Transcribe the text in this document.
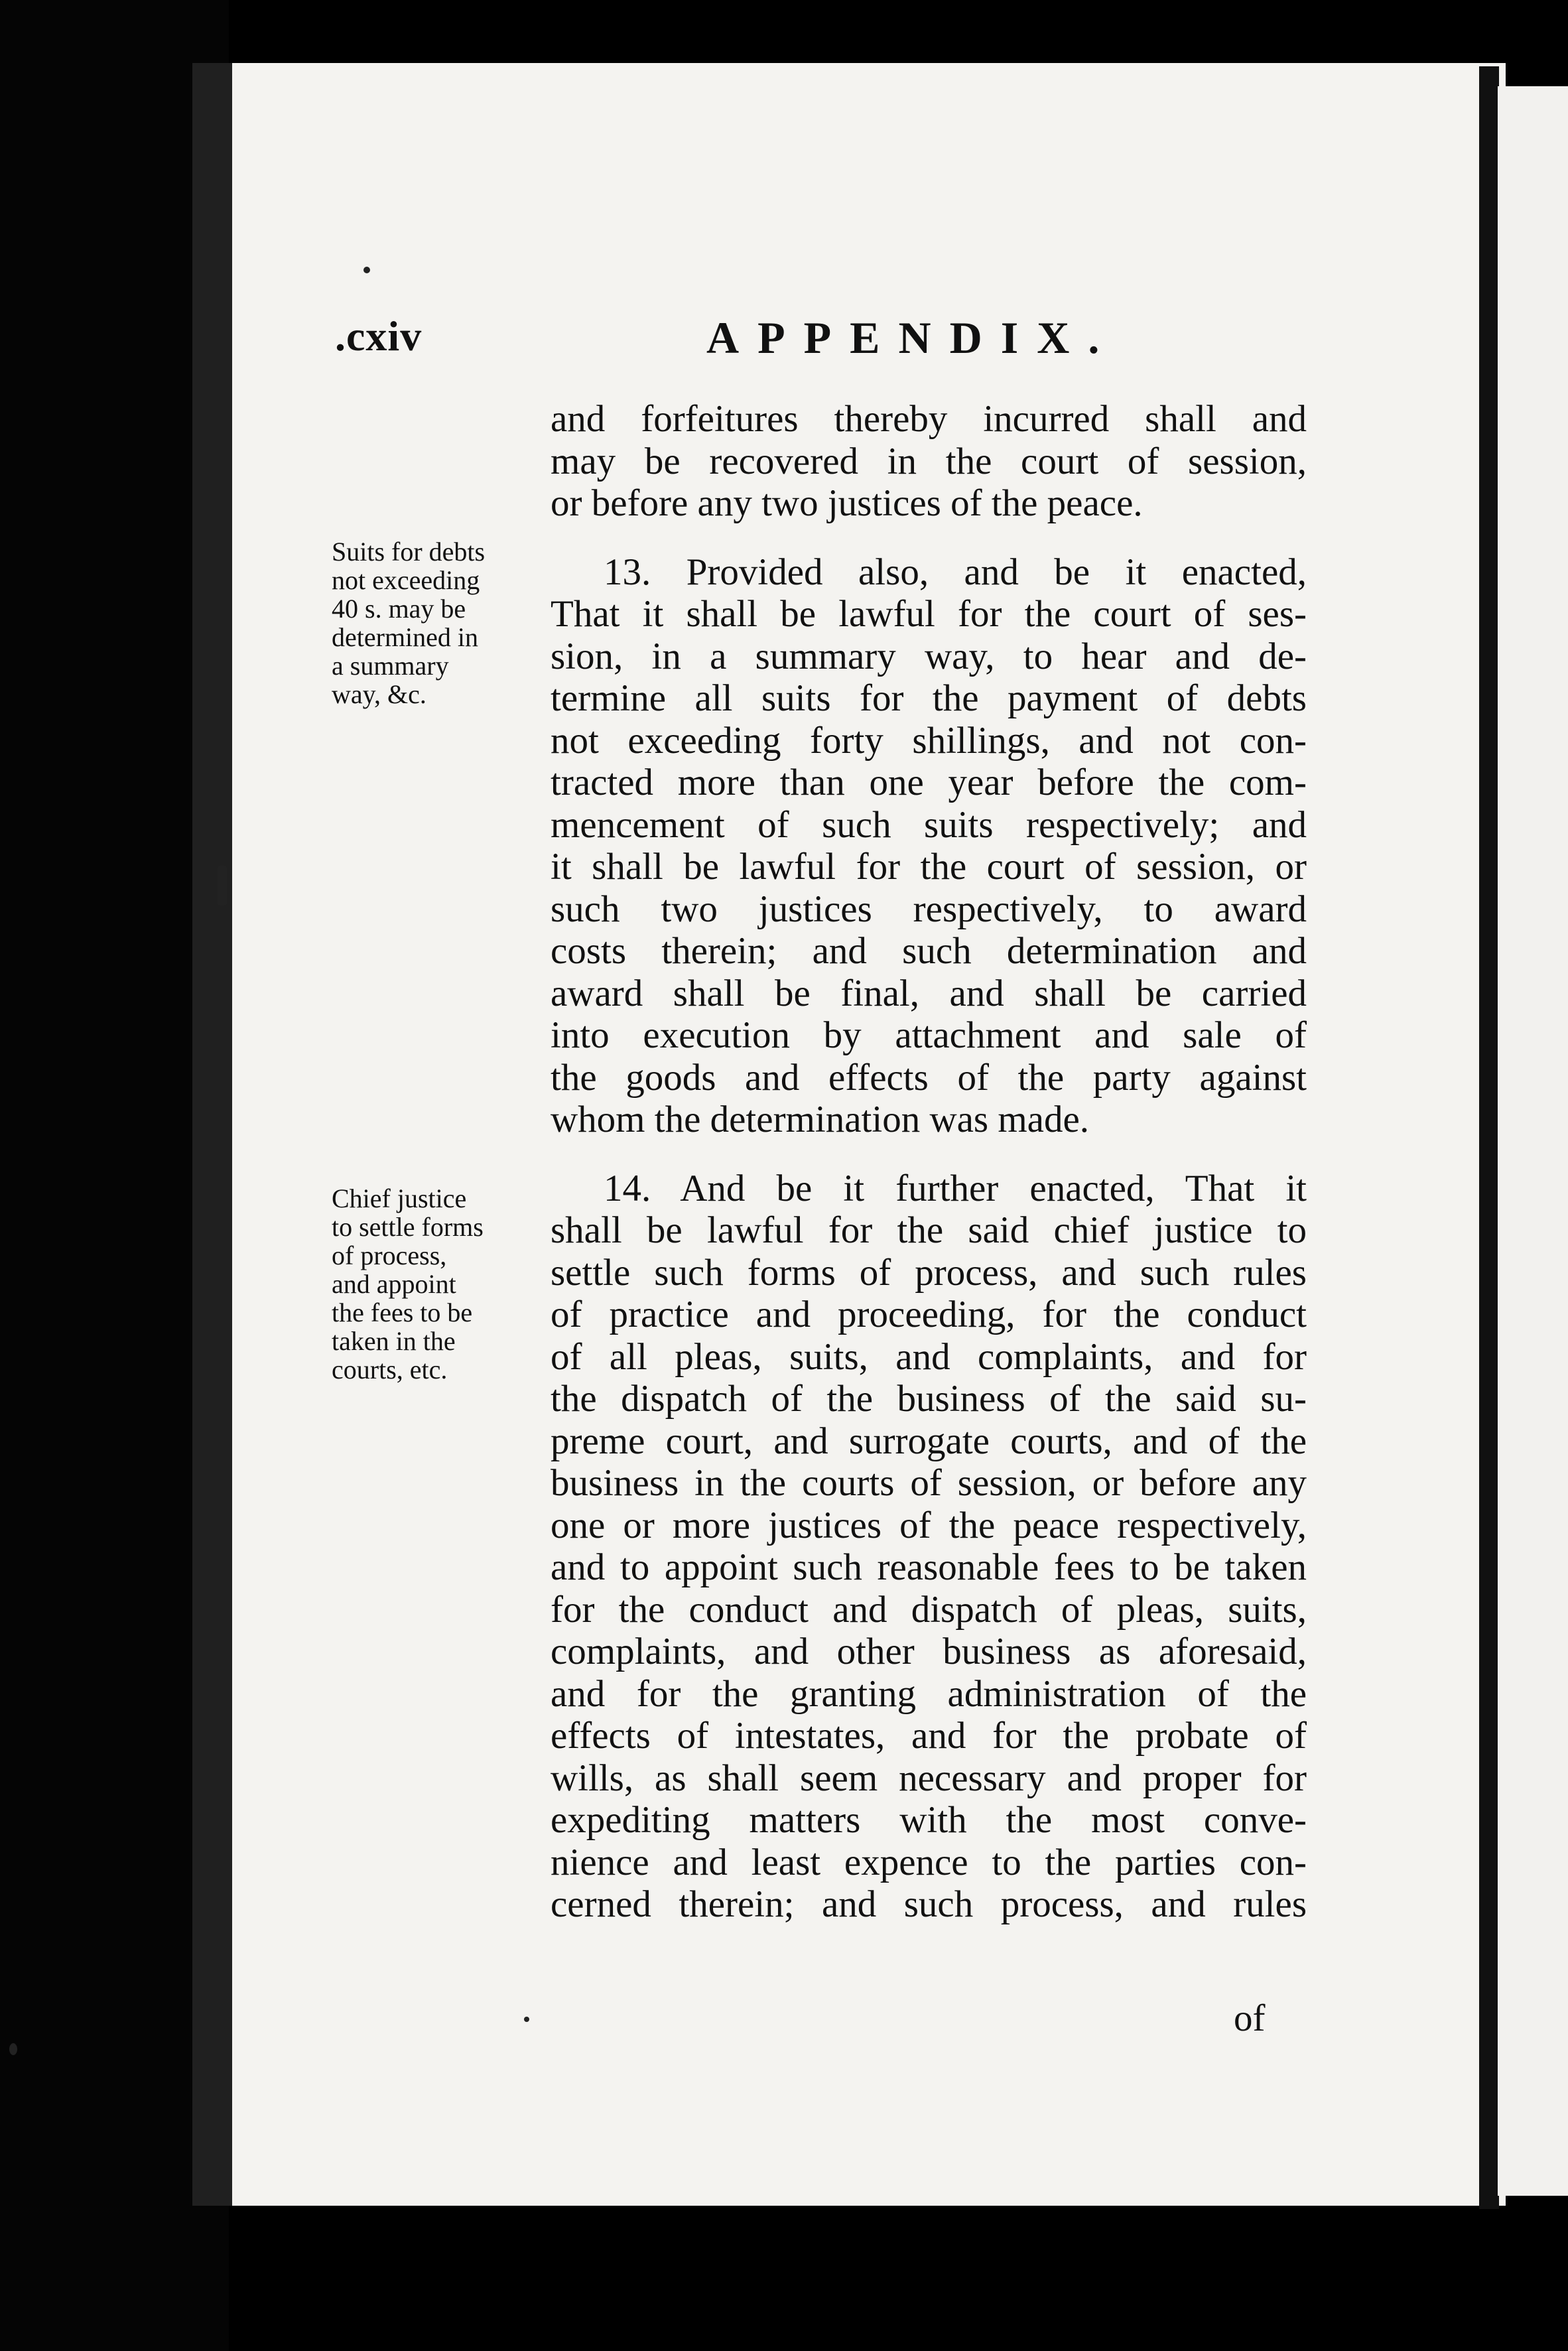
.cxiv	APPENDIX.
and forfeitures thereby incurred shall and
may be recovered in the court of session,
or before any two justices of the peace.
13. Provided also, and be it enacted,
That it shall be lawful for the court of ses-
sion, in a summary way, to hear and de-
termine all suits for the payment of debts
not exceeding forty shillings, and not con-
tracted more than one year before the com-
mencement of such suits respectively; and
it shall be lawful for the court of session, or
such two justices respectively, to award
costs therein; and such determination and
award shall be final, and shall be carried
into execution by attachment and sale of
the goods and effects of the party against
whom the determination was made.
14. And be it further enacted, That it
shall be lawful for the said chief justice to
settle such forms of process, and such rules
of practice and proceeding, for the conduct
of all pleas, suits, and complaints, and for
the dispatch of the business of the said su-
preme court, and surrogate courts, and of the
business in the courts of session, or before any
one or more justices of the peace respectively,
and to appoint such reasonable fees to be taken
for the conduct and dispatch of pleas, suits,
complaints, and other business as aforesaid,
and for the granting administration of the
effects of intestates, and for the probate of
wills, as shall seem necessary and proper for
expediting matters with the most conve-
nience and least expence to the parties con-
cerned therein; and such process, and rules
Suits for debts
not exceeding
40 s. may be
determined in
a summary
way, &c.
Chief justice
to settle forms
of process,
and appoint
the fees to be
taken in the
courts, etc.
of
